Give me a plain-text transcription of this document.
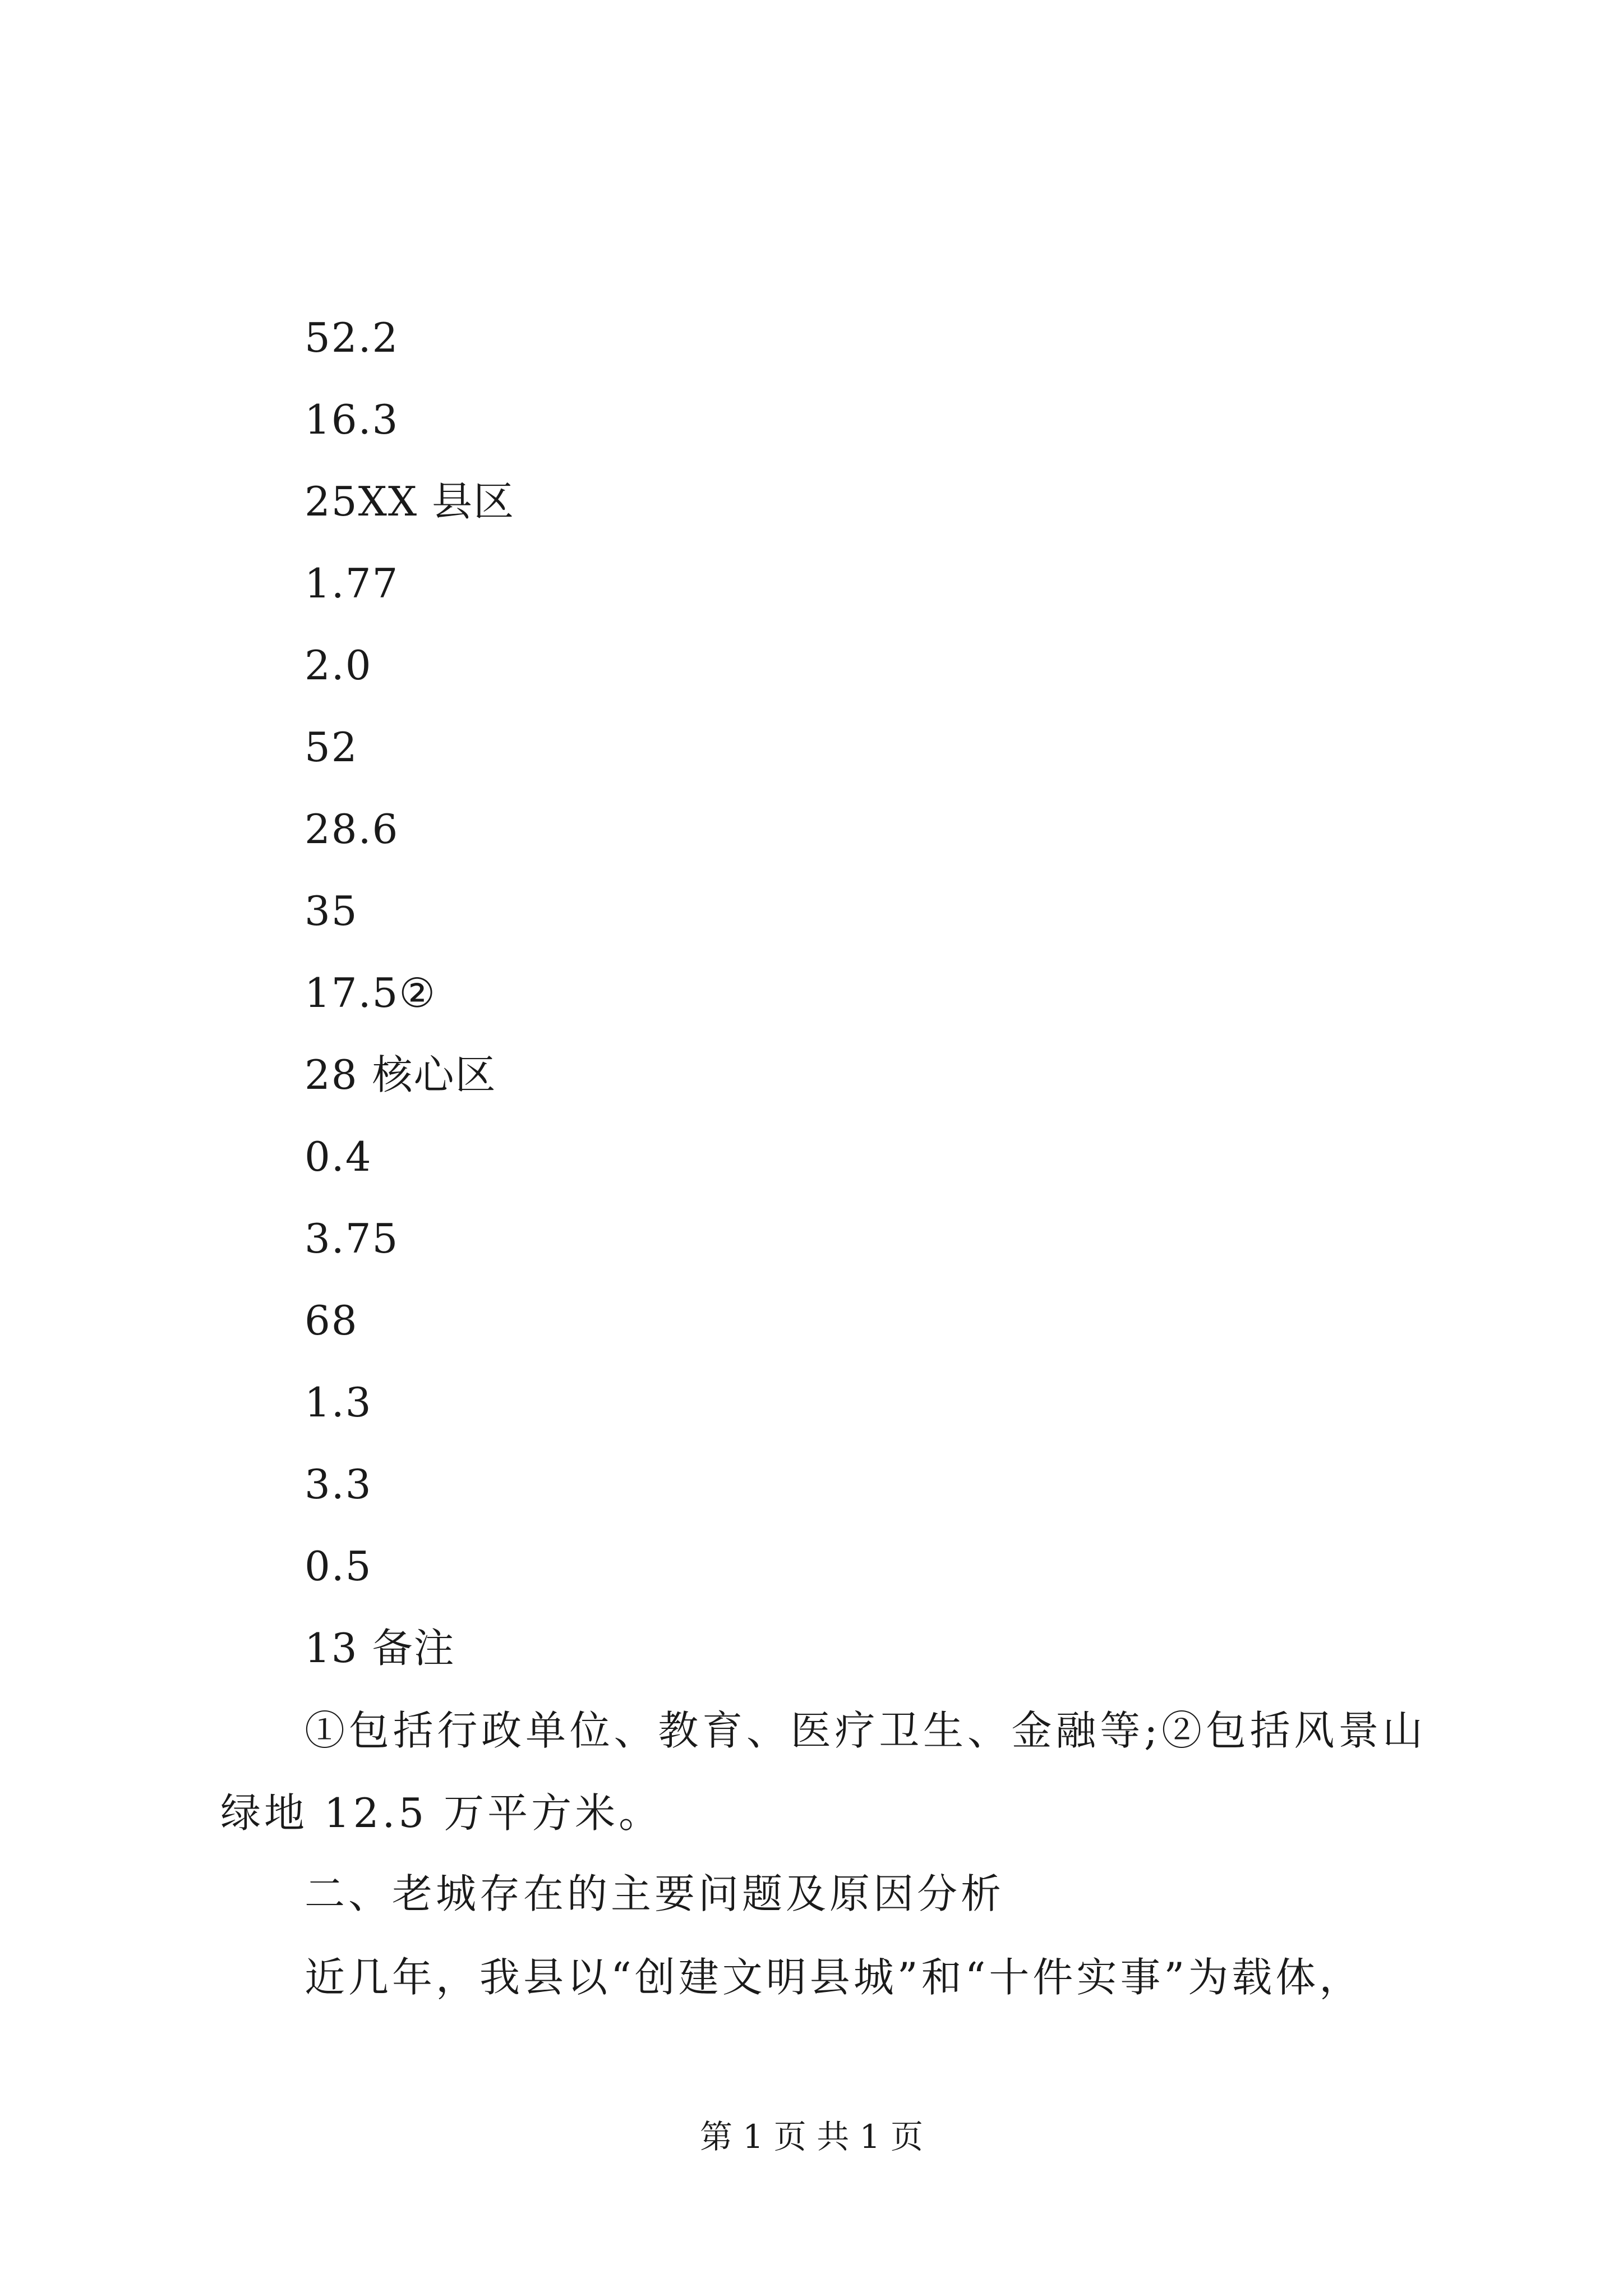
52.2
16.3
25XX 县区
1.77
2.0
52
28.6
35
17.5②
28 核心区
0.4
3.75
68
1.3
3.3
0.5
13 备注
①包括行政单位、教育、医疗卫生、金融等;②包括风景山绿地 12.5 万平方米。
二、老城存在的主要问题及原因分析
近几年，我县以“创建文明县城”和“十件实事”为载体，
第 1 页 共 1 页
